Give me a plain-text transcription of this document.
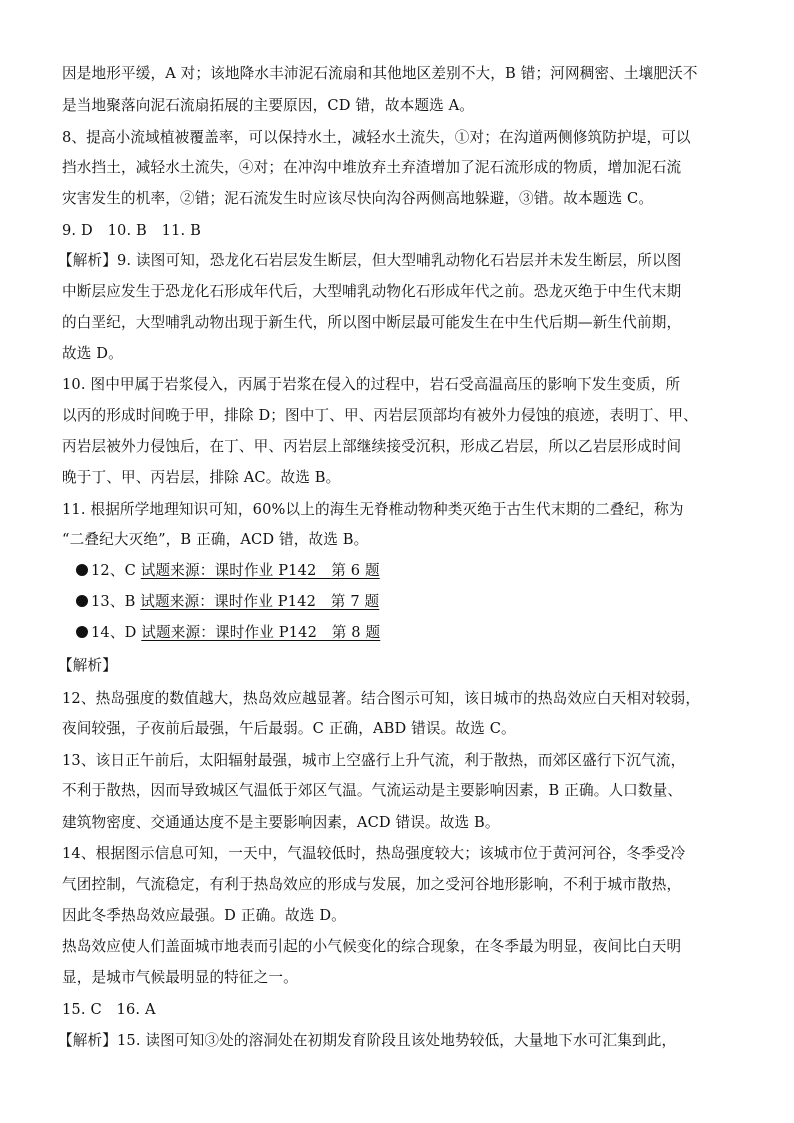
因是地形平缓，A 对；该地降水丰沛泥石流扇和其他地区差别不大，B 错；河网稠密、土壤肥沃不
是当地聚落向泥石流扇拓展的主要原因，CD 错，故本题选 A。
8、提高小流域植被覆盖率，可以保持水土，减轻水土流失，①对；在沟道两侧修筑防护堤，可以
挡水挡土，减轻水土流失，④对；在冲沟中堆放弃土弃渣增加了泥石流形成的物质，增加泥石流
灾害发生的机率，②错；泥石流发生时应该尽快向沟谷两侧高地躲避，③错。故本题选 C。
9. D　10. B　11. B
【解析】9. 读图可知，恐龙化石岩层发生断层，但大型哺乳动物化石岩层并未发生断层，所以图
中断层应发生于恐龙化石形成年代后，大型哺乳动物化石形成年代之前。恐龙灭绝于中生代末期
的白垩纪，大型哺乳动物出现于新生代，所以图中断层最可能发生在中生代后期—新生代前期，
故选 D。
10. 图中甲属于岩浆侵入，丙属于岩浆在侵入的过程中，岩石受高温高压的影响下发生变质，所
以丙的形成时间晚于甲，排除 D；图中丁、甲、丙岩层顶部均有被外力侵蚀的痕迹，表明丁、甲、
丙岩层被外力侵蚀后，在丁、甲、丙岩层上部继续接受沉积，形成乙岩层，所以乙岩层形成时间
晚于丁、甲、丙岩层，排除 AC。故选 B。
11. 根据所学地理知识可知，60%以上的海生无脊椎动物种类灭绝于古生代末期的二叠纪，称为
“二叠纪大灭绝”，B 正确，ACD 错，故选 B。
12、C 试题来源：课时作业 P142　第 6 题
13、B 试题来源：课时作业 P142　第 7 题
14、D 试题来源：课时作业 P142　第 8 题
【解析】
12、热岛强度的数值越大，热岛效应越显著。结合图示可知，该日城市的热岛效应白天相对较弱，
夜间较强，子夜前后最强，午后最弱。C 正确，ABD 错误。故选 C。
13、该日正午前后，太阳辐射最强，城市上空盛行上升气流，利于散热，而郊区盛行下沉气流，
不利于散热，因而导致城区气温低于郊区气温。气流运动是主要影响因素，B 正确。人口数量、
建筑物密度、交通通达度不是主要影响因素，ACD 错误。故选 B。
14、根据图示信息可知，一天中，气温较低时，热岛强度较大；该城市位于黄河河谷，冬季受冷
气团控制，气流稳定，有利于热岛效应的形成与发展，加之受河谷地形影响，不利于城市散热，
因此冬季热岛效应最强。D 正确。故选 D。
热岛效应使人们盖面城市地表而引起的小气候变化的综合现象，在冬季最为明显，夜间比白天明
显，是城市气候最明显的特征之一。
15. C　16. A
【解析】15. 读图可知③处的溶洞处在初期发育阶段且该处地势较低，大量地下水可汇集到此，
